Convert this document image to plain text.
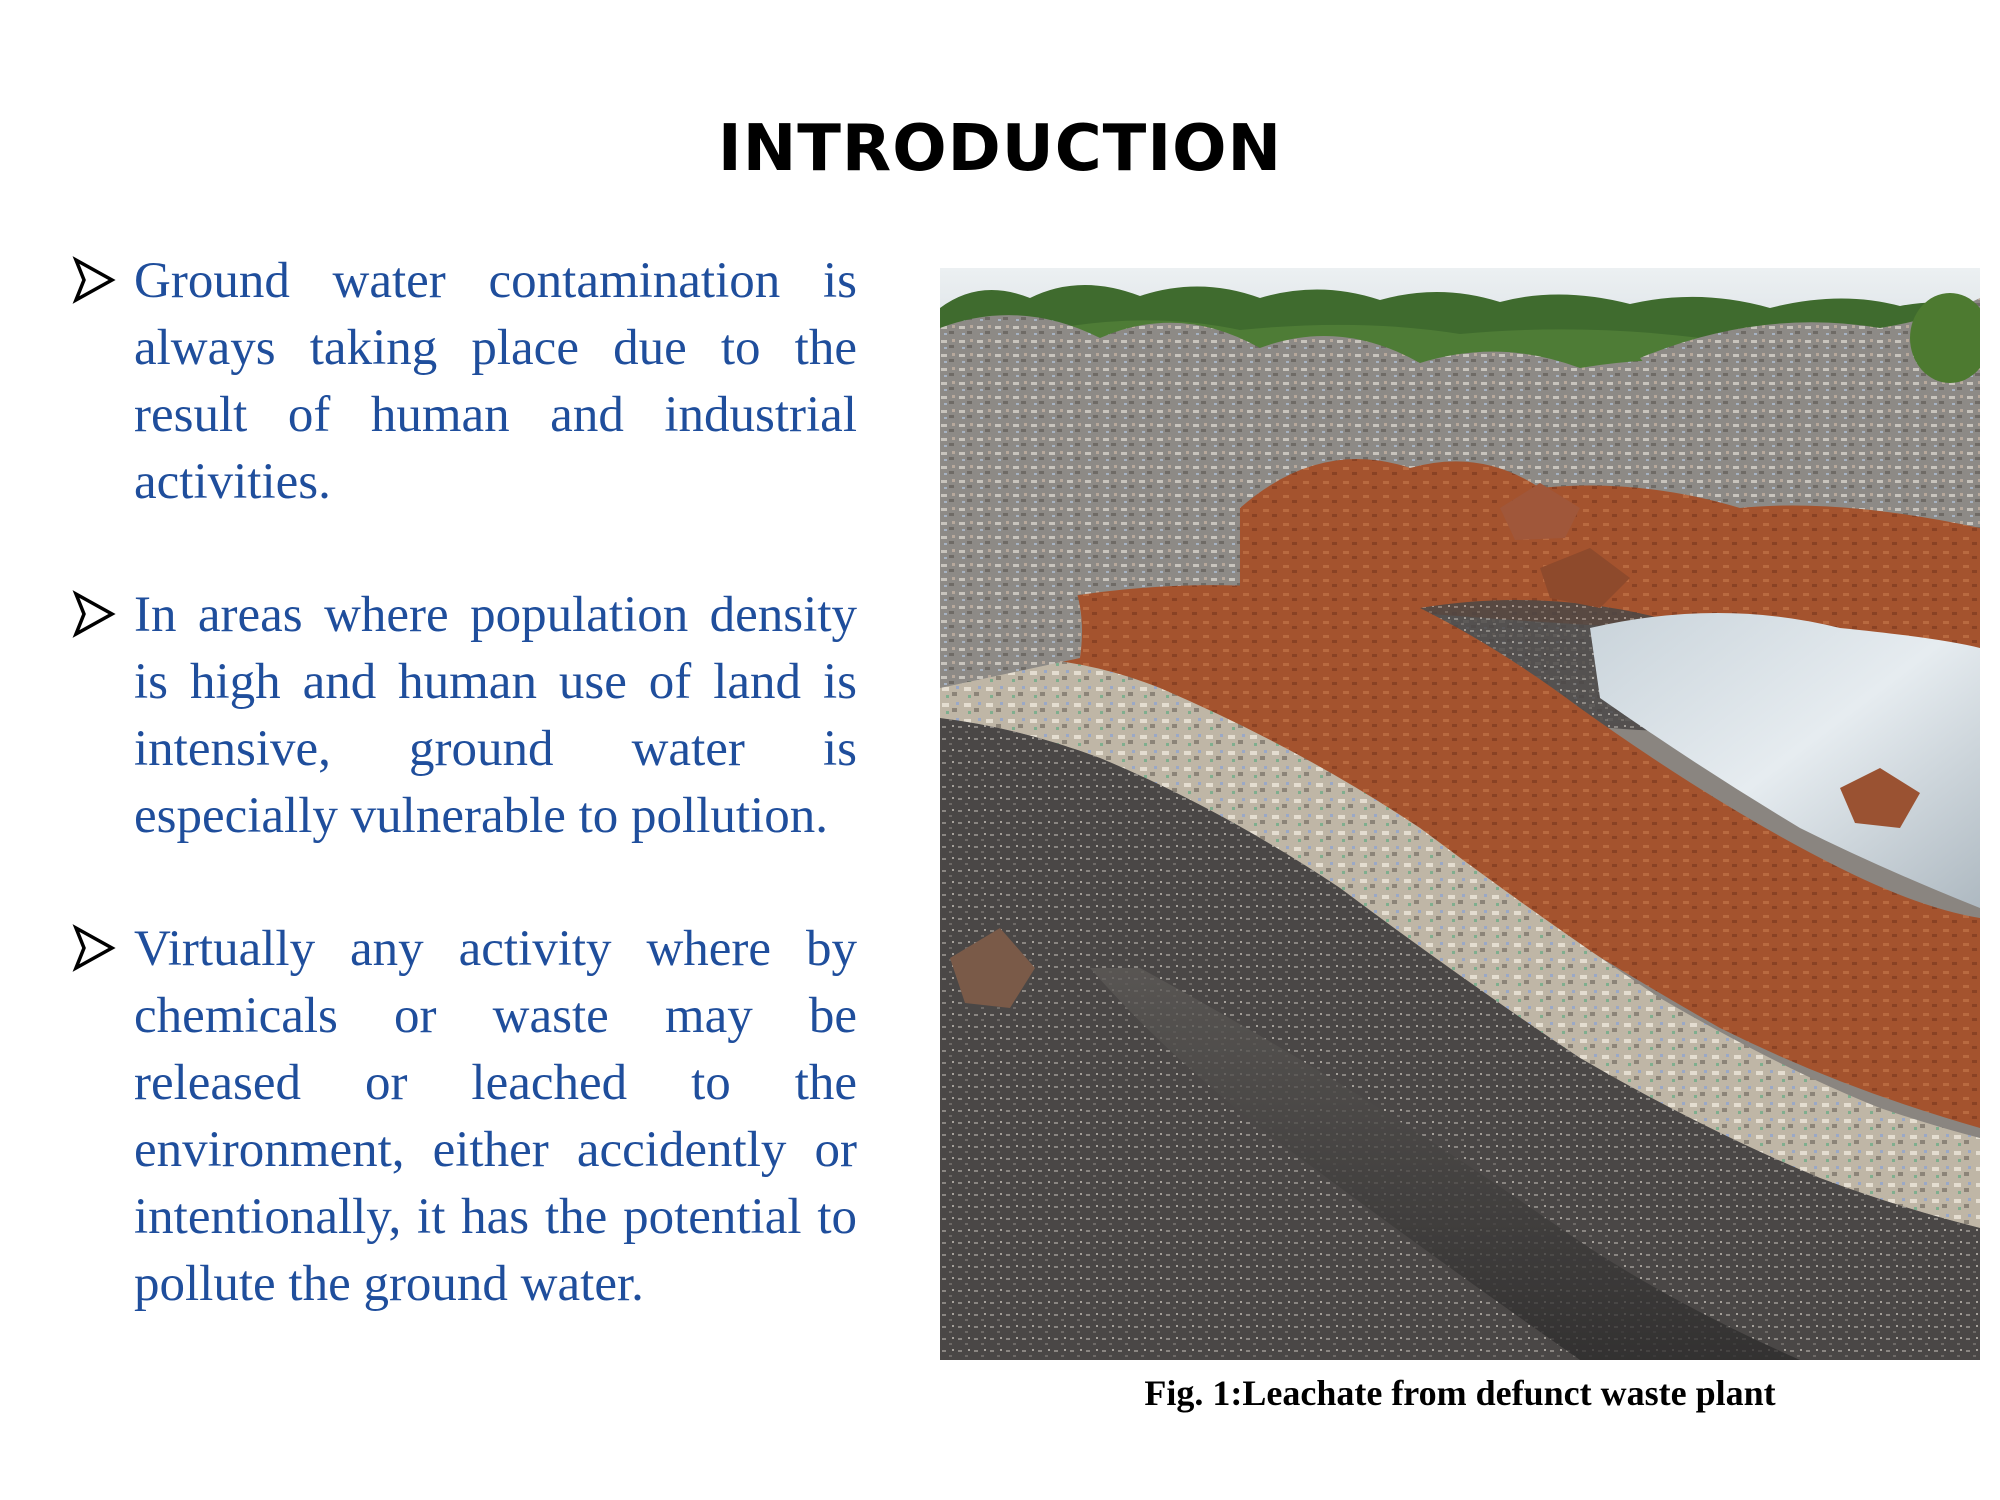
INTRODUCTION
Ground water contamination is always taking place due to the result of human and industrial activities.
In areas where population density is high and human use of land is intensive, ground water is especially vulnerable to pollution.
Virtually any activity where by chemicals or waste may be released or leached to the environment, either accidently or intentionally, it has the potential to pollute the ground water.
Fig. 1:Leachate from defunct waste plant
